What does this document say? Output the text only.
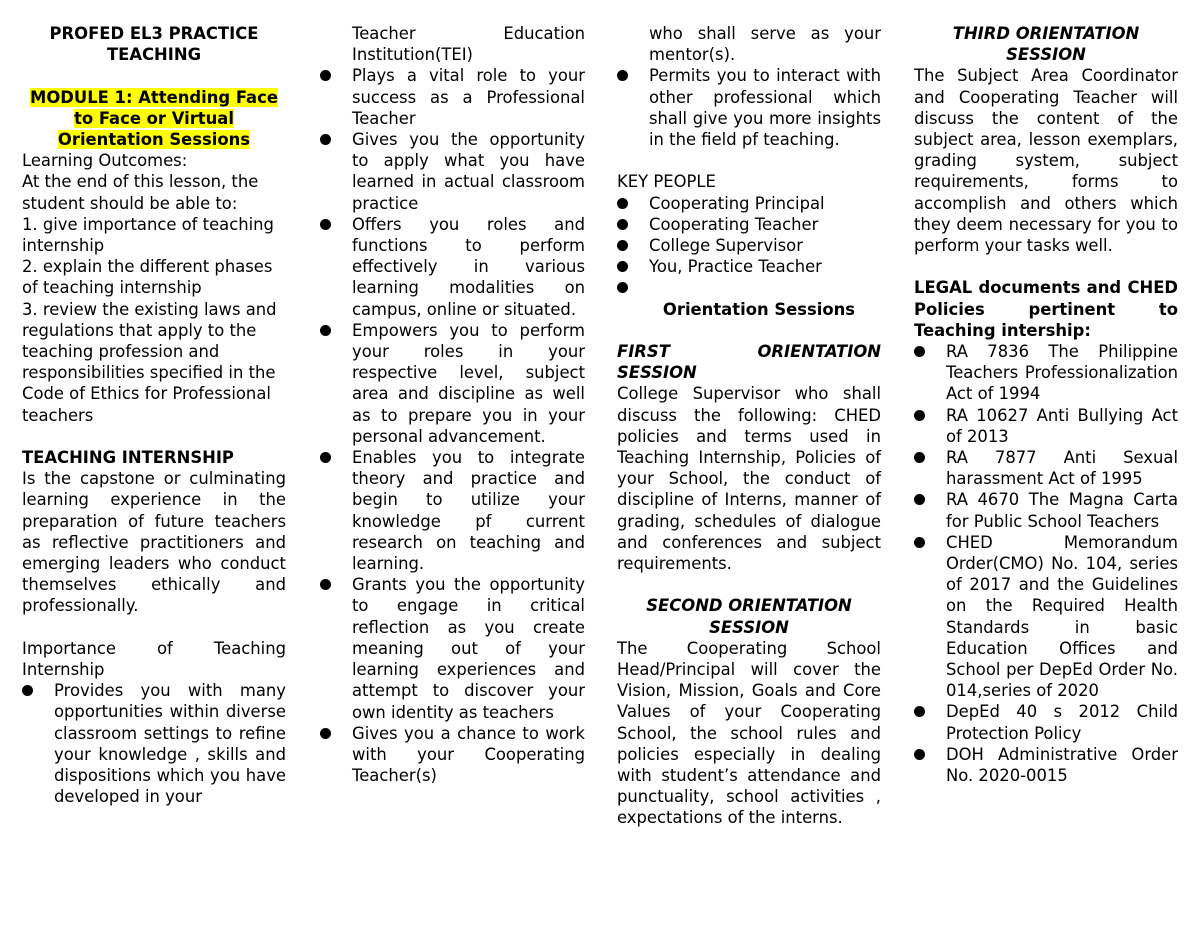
PROFED EL3 PRACTICE TEACHING
MODULE 1: Attending Face to Face or Virtual Orientation Sessions
Learning Outcomes:
At the end of this lesson, the student should be able to:
1. give importance of teaching internship
2. explain the different phases of teaching internship
3. review the existing laws and regulations that apply to the teaching profession and responsibilities specified in the Code of Ethics for Professional teachers
TEACHING INTERNSHIP
Is the capstone or culminating learning experience in the preparation of future teachers as reflective practitioners and emerging leaders who conduct themselves ethically and professionally.
Importance of Teaching Internship
Provides you with many opportunities within diverse classroom settings to refine your knowledge , skills and dispositions which you have developed in your
Teacher Education Institution(TEI)
Plays a vital role to your success as a Professional Teacher
Gives you the opportunity to apply what you have learned in actual classroom practice
Offers you roles and functions to perform effectively in various learning modalities on campus, online or situated.
Empowers you to perform your roles in your respective level, subject area and discipline as well as to prepare you in your personal advancement.
Enables you to integrate theory and practice and begin to utilize your knowledge pf current research on teaching and learning.
Grants you the opportunity to engage in critical reflection as you create meaning out of your learning experiences and attempt to discover your own identity as teachers
Gives you a chance to work with your Cooperating Teacher(s)
who shall serve as your mentor(s).
Permits you to interact with other professional which shall give you more insights in the field pf teaching.
KEY PEOPLE
Cooperating Principal
Cooperating Teacher
College Supervisor
You, Practice Teacher
Orientation Sessions
FIRST ORIENTATION SESSION
College Supervisor who shall discuss the following: CHED policies and terms used in Teaching Internship, Policies of your School, the conduct of discipline of Interns, manner of grading, schedules of dialogue and conferences and subject requirements.
SECOND ORIENTATION SESSION
The Cooperating School Head/Principal will cover the Vision, Mission, Goals and Core Values of your Cooperating School, the school rules and policies especially in dealing with student’s attendance and punctuality, school activities , expectations of the interns.
THIRD ORIENTATION SESSION
The Subject Area Coordinator and Cooperating Teacher will discuss the content of the subject area, lesson exemplars, grading system, subject requirements, forms to accomplish and others which they deem necessary for you to perform your tasks well.
LEGAL documents and CHED Policies pertinent to Teaching intership:
RA 7836 The Philippine Teachers Professionalization Act of 1994
RA 10627 Anti Bullying Act of 2013
RA 7877 Anti Sexual harassment Act of 1995
RA 4670 The Magna Carta for Public School Teachers
CHED Memorandum Order(CMO) No. 104, series of 2017 and the Guidelines on the Required Health Standards in basic Education Offices and School per DepEd Order No. 014,series of 2020
DepEd 40 s 2012 Child Protection Policy
DOH Administrative Order No. 2020-0015
